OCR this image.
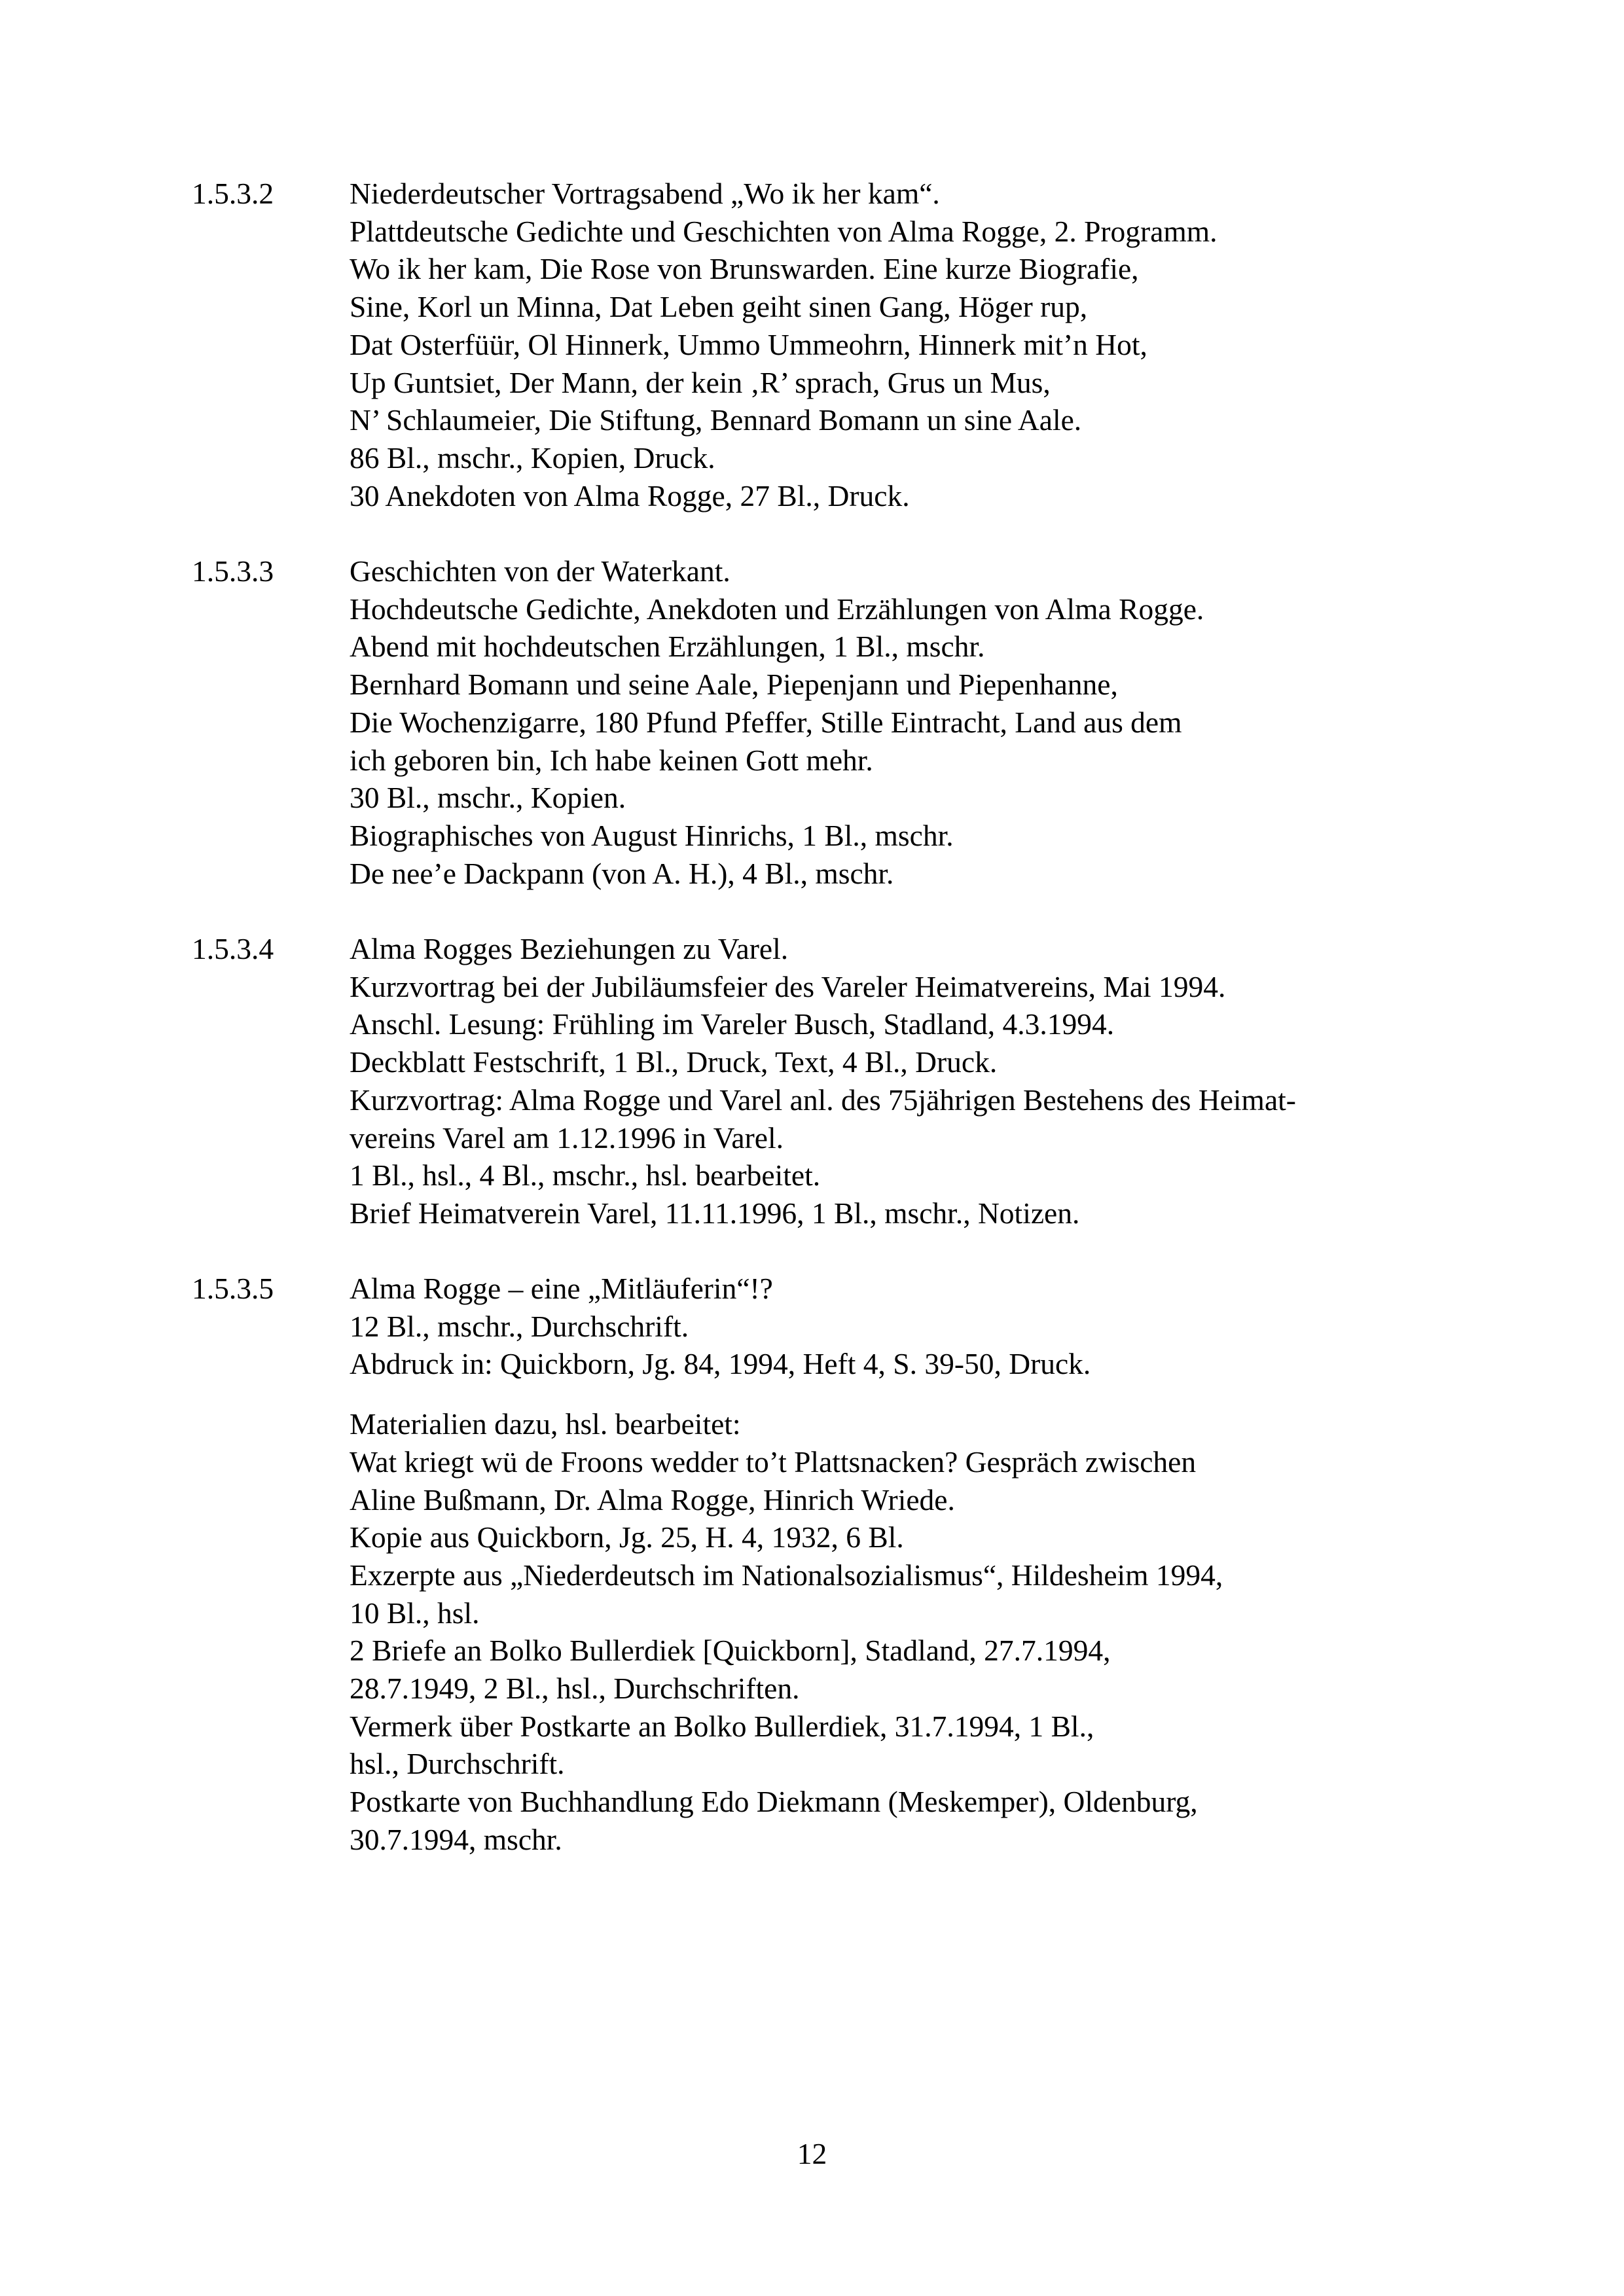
1.5.3.2	Niederdeutscher Vortragsabend „Wo ik her kam“.
Plattdeutsche Gedichte und Geschichten von Alma Rogge, 2. Programm.
Wo ik her kam, Die Rose von Brunswarden. Eine kurze Biografie,
Sine, Korl un Minna, Dat Leben geiht sinen Gang, Höger rup,
Dat Osterfüür, Ol Hinnerk, Ummo Ummeohrn, Hinnerk mit’n Hot,
Up Guntsiet, Der Mann, der kein ‚R’ sprach, Grus un Mus,
N’ Schlaumeier, Die Stiftung, Bennard Bomann un sine Aale.
86 Bl., mschr., Kopien, Druck.
30 Anekdoten von Alma Rogge, 27 Bl., Druck.
1.5.3.3	Geschichten von der Waterkant.
Hochdeutsche Gedichte, Anekdoten und Erzählungen von Alma Rogge.
Abend mit hochdeutschen Erzählungen, 1 Bl., mschr.
Bernhard Bomann und seine Aale, Piepenjann und Piepenhanne,
Die Wochenzigarre, 180 Pfund Pfeffer, Stille Eintracht, Land aus dem
ich geboren bin, Ich habe keinen Gott mehr.
30 Bl., mschr., Kopien.
Biographisches von August Hinrichs, 1 Bl., mschr.
De nee’e Dackpann (von A. H.), 4 Bl., mschr.
1.5.3.4	Alma Rogges Beziehungen zu Varel.
Kurzvortrag bei der Jubiläumsfeier des Vareler Heimatvereins, Mai 1994.
Anschl. Lesung: Frühling im Vareler Busch, Stadland, 4.3.1994.
Deckblatt Festschrift, 1 Bl., Druck, Text, 4 Bl., Druck.
Kurzvortrag: Alma Rogge und Varel anl. des 75jährigen Bestehens des Heimat-
vereins Varel am 1.12.1996 in Varel.
1 Bl., hsl., 4 Bl., mschr., hsl. bearbeitet.
Brief Heimatverein Varel, 11.11.1996, 1 Bl., mschr., Notizen.
1.5.3.5	Alma Rogge – eine „Mitläuferin“!?
12 Bl., mschr., Durchschrift.
Abdruck in: Quickborn, Jg. 84, 1994, Heft 4, S. 39-50, Druck.
Materialien dazu, hsl. bearbeitet:
Wat kriegt wü de Froons wedder to’t Plattsnacken? Gespräch zwischen
Aline Bußmann, Dr. Alma Rogge, Hinrich Wriede.
Kopie aus Quickborn, Jg. 25, H. 4, 1932, 6 Bl.
Exzerpte aus „Niederdeutsch im Nationalsozialismus“, Hildesheim 1994,
10 Bl., hsl.
2 Briefe an Bolko Bullerdiek [Quickborn], Stadland, 27.7.1994,
28.7.1949, 2 Bl., hsl., Durchschriften.
Vermerk über Postkarte an Bolko Bullerdiek, 31.7.1994, 1 Bl.,
hsl., Durchschrift.
Postkarte von Buchhandlung Edo Diekmann (Meskemper), Oldenburg,
30.7.1994, mschr.
12
